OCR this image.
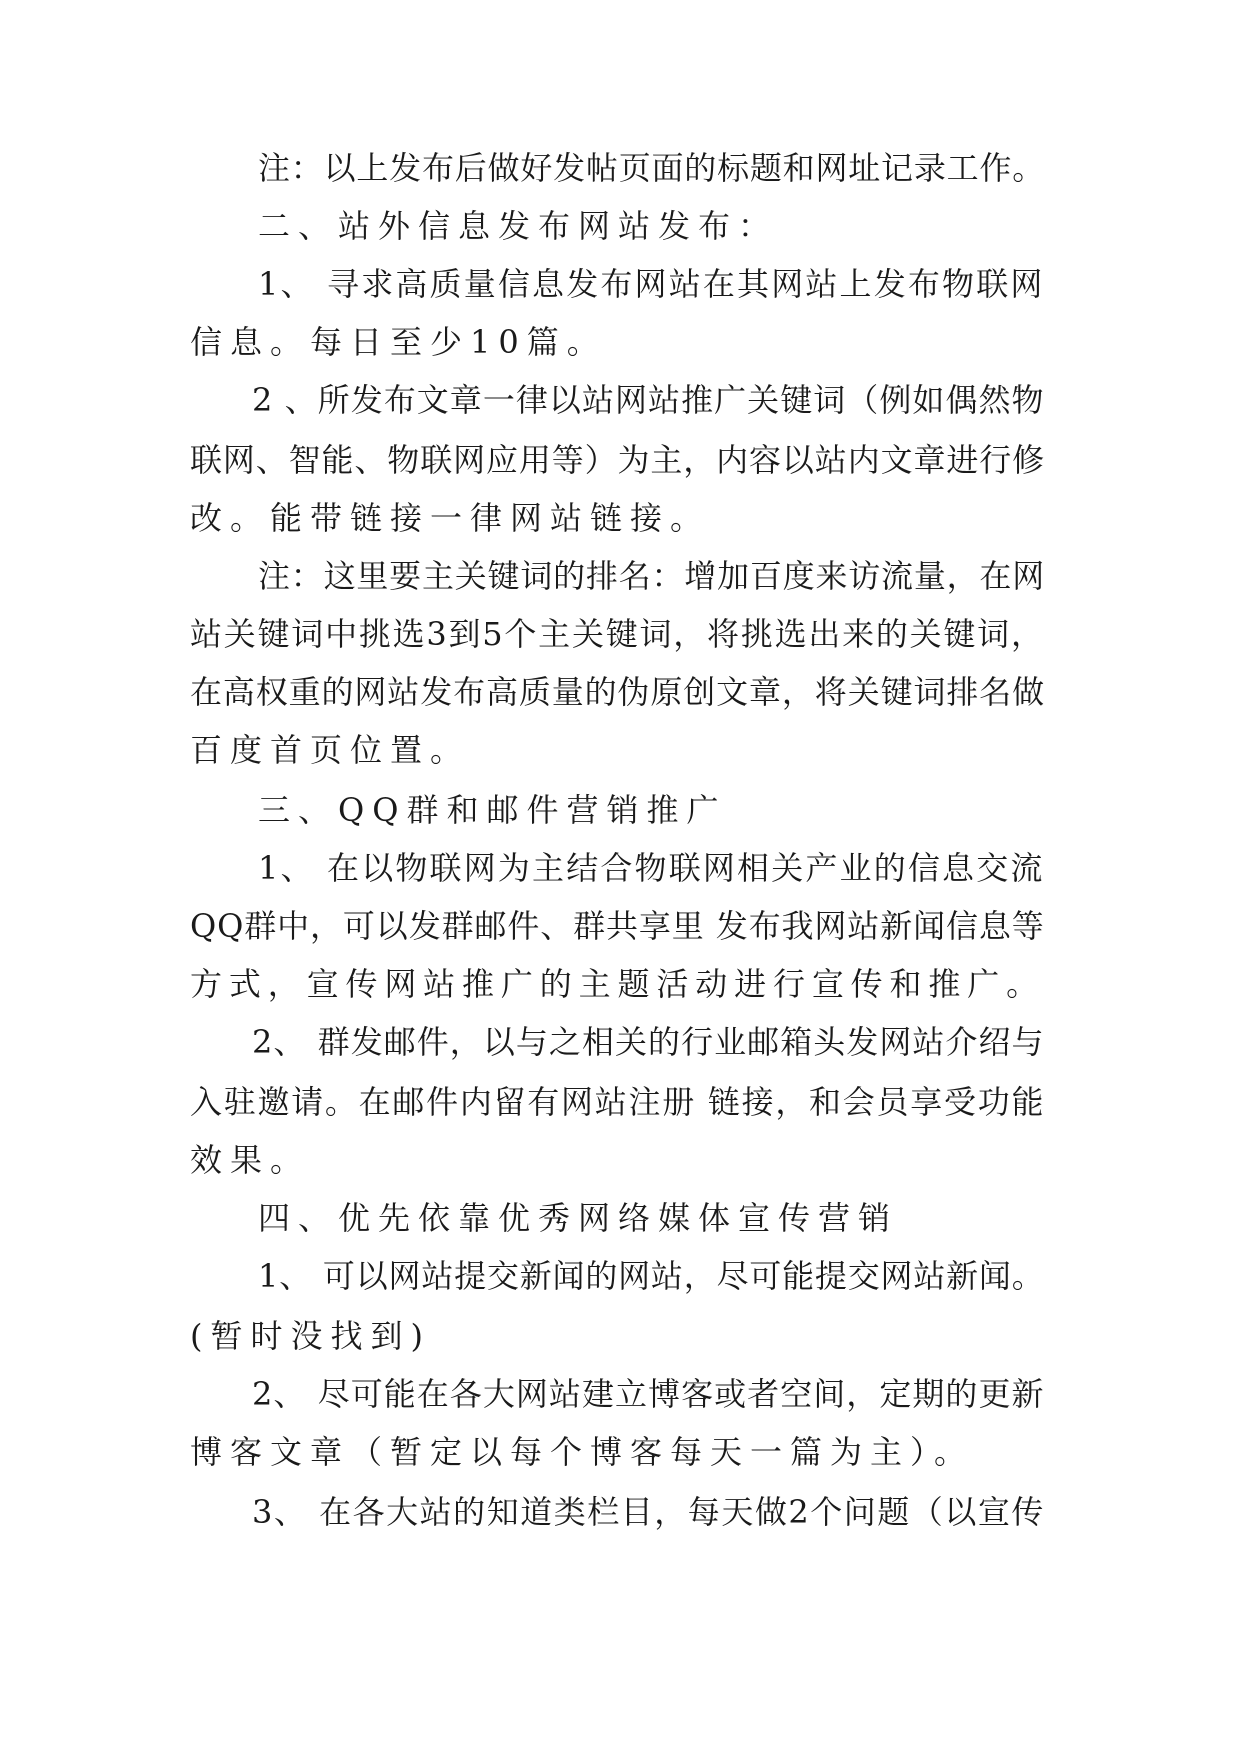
注：以上发布后做好发帖页面的标题和网址记录工作。
二、站外信息发布网站发布：
1、 寻求高质量信息发布网站在其网站上发布物联网
信息。每日至少10篇。
2 、所发布文章一律以站网站推广关键词（例如偶然物
联网、智能、物联网应用等）为主，内容以站内文章进行修
改。能带链接一律网站链接。
注：这里要主关键词的排名：增加百度来访流量，在网
站关键词中挑选3到5个主关键词，将挑选出来的关键词，
在高权重的网站发布高质量的伪原创文章，将关键词排名做
百度首页位置。
三、QQ群和邮件营销推广
1、 在以物联网为主结合物联网相关产业的信息交流
QQ群中，可以发群邮件、群共享里 发布我网站新闻信息等
方式，宣传网站推广的主题活动进行宣传和推广。
2、 群发邮件，以与之相关的行业邮箱头发网站介绍与
入驻邀请。在邮件内留有网站注册 链接，和会员享受功能
效果。
四、优先依靠优秀网络媒体宣传营销
1、 可以网站提交新闻的网站，尽可能提交网站新闻。
(暂时没找到)
2、 尽可能在各大网站建立博客或者空间，定期的更新
博客文章（暂定以每个博客每天一篇为主）。
3、 在各大站的知道类栏目，每天做2个问题（以宣传
